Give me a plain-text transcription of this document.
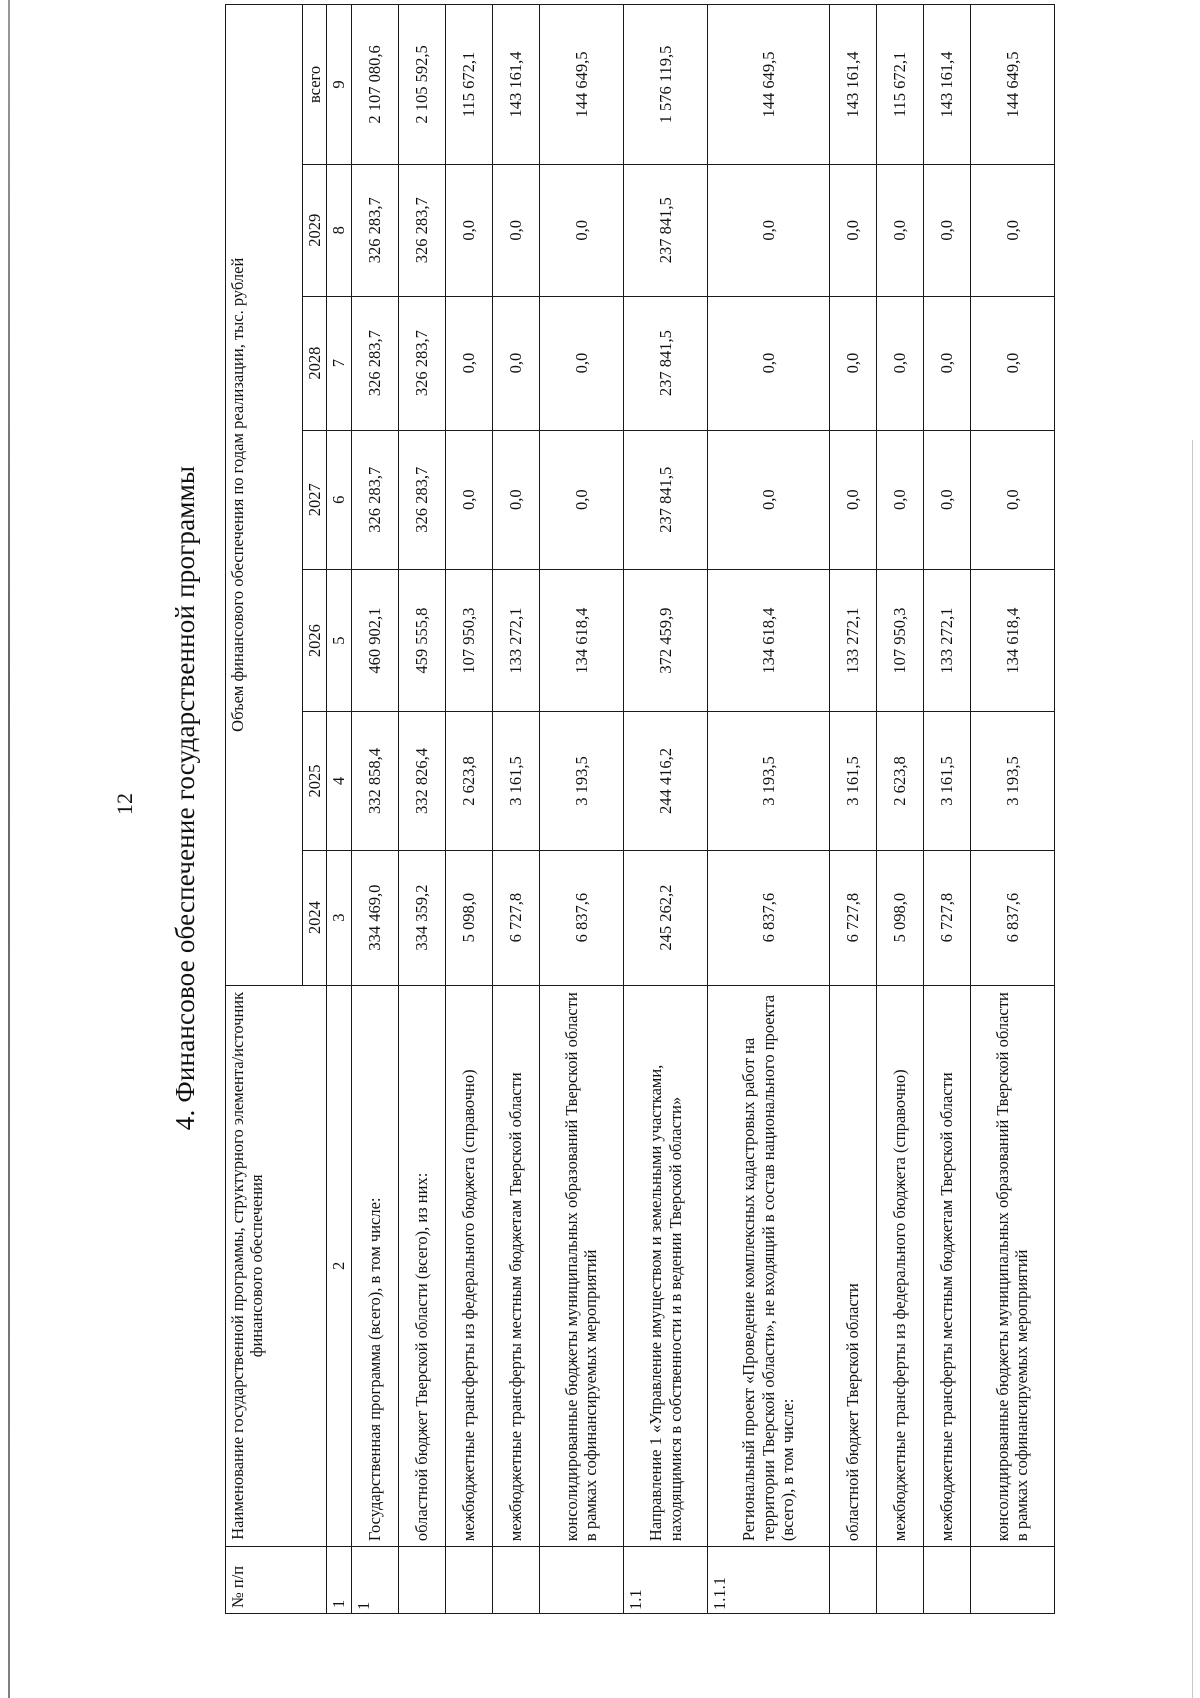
12 4. Финансовое обеспечение государственной программы
№ п/п	Наименование государственной программы, структурного элемента/источник финансового обеспечения	Объем финансового обеспечения по годам реализации, тыс. рублей						
		2024	2025	2026	2027	2028	2029	всего
1	2	3	4	5	6	7	8	9
1	Государственная программа (всего), в том числе:	334 469,0	332 858,4	460 902,1	326 283,7	326 283,7	326 283,7	2 107 080,6
	областной бюджет Тверской области (всего), из них:	334 359,2	332 826,4	459 555,8	326 283,7	326 283,7	326 283,7	2 105 592,5
	межбюджетные трансферты из федерального бюджета (справочно)	5 098,0	2 623,8	107 950,3	0,0	0,0	0,0	115 672,1
	межбюджетные трансферты местным бюджетам Тверской области	6 727,8	3 161,5	133 272,1	0,0	0,0	0,0	143 161,4
	консолидированные бюджеты муниципальных образований Тверской области в рамках софинансируемых мероприятий	6 837,6	3 193,5	134 618,4	0,0	0,0	0,0	144 649,5
1.1	Направление 1 «Управление имуществом и земельными участками, находящимися в собственности и в ведении Тверской области»	245 262,2	244 416,2	372 459,9	237 841,5	237 841,5	237 841,5	1 576 119,5
1.1.1	Региональный проект «Проведение комплексных кадастровых работ на территории Тверской области», не входящий в состав национального проекта (всего), в том числе:	6 837,6	3 193,5	134 618,4	0,0	0,0	0,0	144 649,5
	областной бюджет Тверской области	6 727,8	3 161,5	133 272,1	0,0	0,0	0,0	143 161,4
	межбюджетные трансферты из федерального бюджета (справочно)	5 098,0	2 623,8	107 950,3	0,0	0,0	0,0	115 672,1
	межбюджетные трансферты местным бюджетам Тверской области	6 727,8	3 161,5	133 272,1	0,0	0,0	0,0	143 161,4
	консолидированные бюджеты муниципальных образований Тверской области в рамках софинансируемых мероприятий	6 837,6	3 193,5	134 618,4	0,0	0,0	0,0	144 649,5
